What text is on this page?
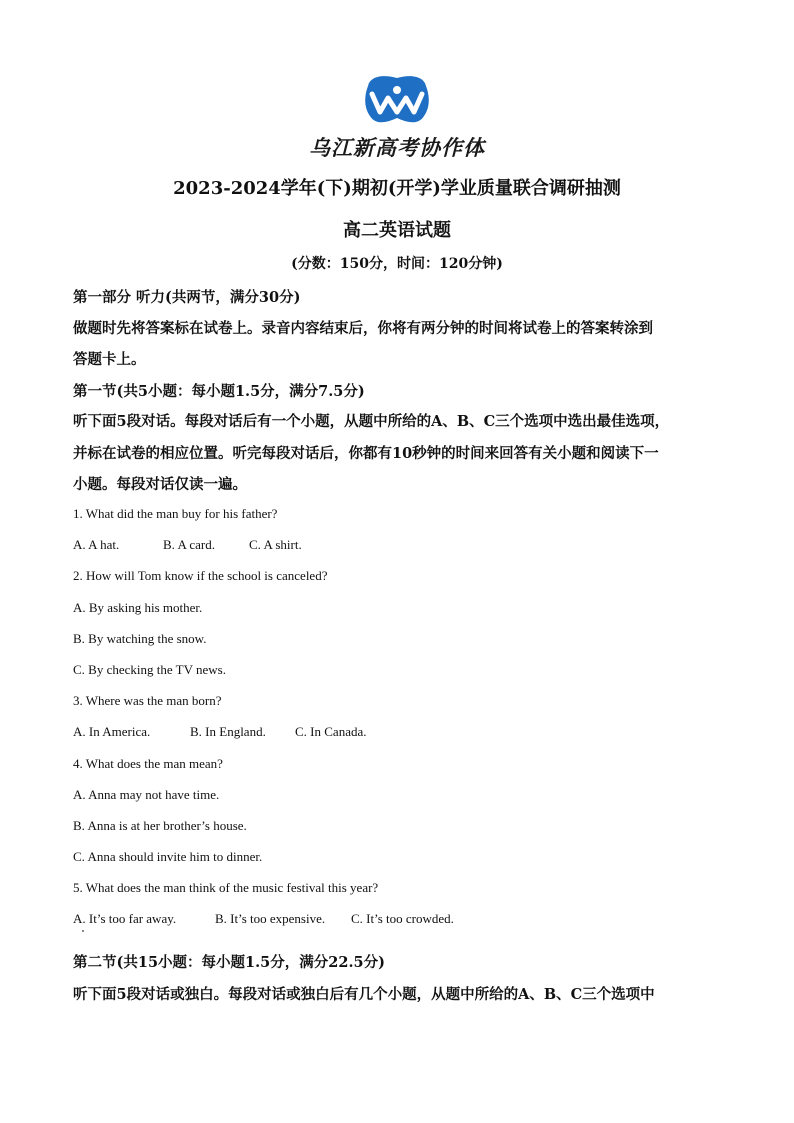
乌江新高考协作体
2023-2024学年(下)期初(开学)学业质量联合调研抽测
高二英语试题
(分数：150分，时间：120分钟)
第一部分 听力(共两节，满分30分)
做题时先将答案标在试卷上。录音内容结束后，你将有两分钟的时间将试卷上的答案转涂到
答题卡上。
第一节(共5小题：每小题1.5分，满分7.5分)
听下面5段对话。每段对话后有一个小题，从题中所给的A、B、C三个选项中选出最佳选项，
并标在试卷的相应位置。听完每段对话后，你都有10秒钟的时间来回答有关小题和阅读下一
小题。每段对话仅读一遍。
1. What did the man buy for his father?
A. A hat.	B. A card.	C. A shirt.
2. How will Tom know if the school is canceled?
A. By asking his mother.
B. By watching the snow.
C. By checking the TV news.
3. Where was the man born?
A. In America.	B. In England. C. In Canada.
4. What does the man mean?
A. Anna may not have time.
B. Anna is at her brother’s house.
C. Anna should invite him to dinner.
5. What does the man think of the music festival this year?
A. It’s too far away.	B. It’s too expensive. C. It’s too crowded.
第二节(共15小题：每小题1.5分，满分22.5分)
听下面5段对话或独白。每段对话或独白后有几个小题，从题中所给的A、B、C三个选项中
